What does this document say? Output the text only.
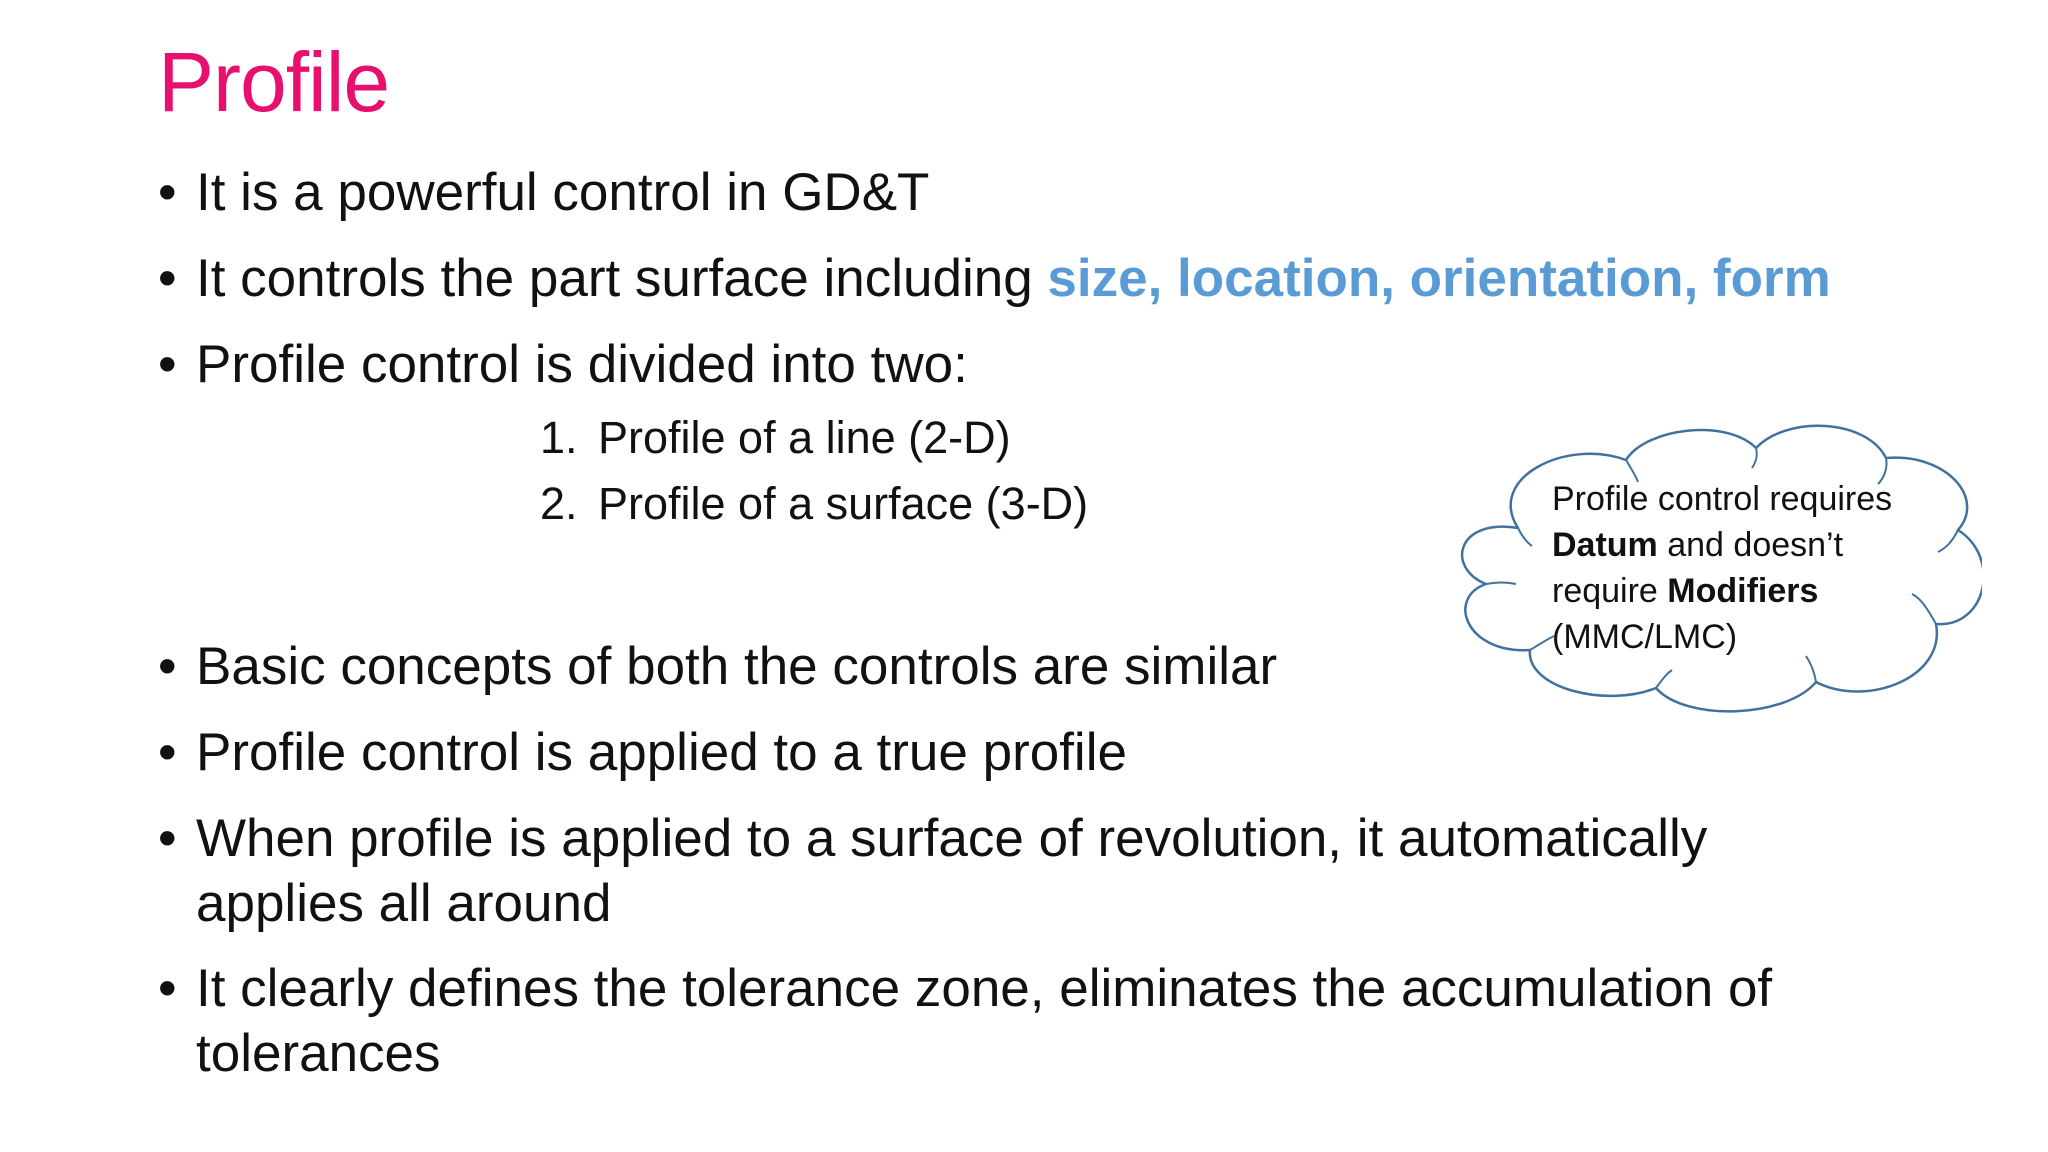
Profile
• It is a powerful control in GD&T
• It controls the part surface including size, location, orientation, form
• Profile control is divided into two:
• Basic concepts of both the controls are similar
• Profile control is applied to a true profile
• When profile is applied to a surface of revolution, it automatically
applies all around
• It clearly defines the tolerance zone, eliminates the accumulation of
tolerances
1. Profile of a line (2-D)
2. Profile of a surface (3-D)	Profile control requires
Datum and doesn’t
require Modifiers
(MMC/LMC)
